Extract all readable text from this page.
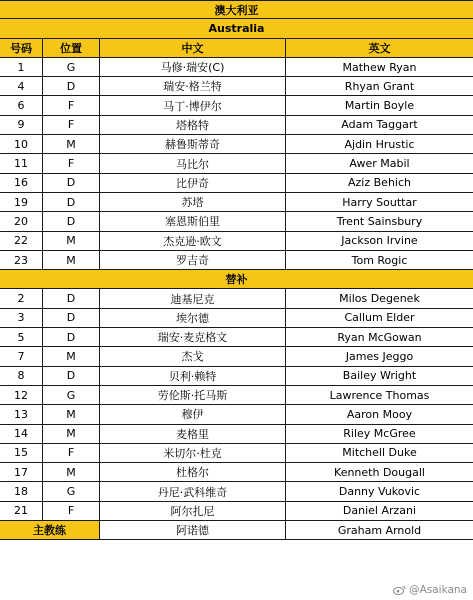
澳大利亚
Australia
号码	位置	中文	英文
1	G	马修·瑞安(C)	Mathew Ryan
4	D	瑞安·格兰特	Rhyan Grant
6	F	马丁·博伊尔	Martin Boyle
9	F	塔格特	Adam Taggart
10	M	赫鲁斯蒂奇	Ajdin Hrustic
11	F	马比尔	Awer Mabil
16	D	比伊奇	Aziz Behich
19	D	苏塔	Harry Souttar
20	D	塞恩斯伯里	Trent Sainsbury
22	M	杰克逊·欧文	Jackson Irvine
23	M	罗吉奇	Tom Rogic
替补
2	D	迪基尼克	Milos Degenek
3	D	埃尔德	Callum Elder
5	D	瑞安·麦克格文	Ryan McGowan
7	M	杰戈	James Jeggo
8	D	贝利·赖特	Bailey Wright
12	G	劳伦斯·托马斯	Lawrence Thomas
13	M	穆伊	Aaron Mooy
14	M	麦格里	Riley McGree
15	F	米切尔·杜克	Mitchell Duke
17	M	杜格尔	Kenneth Dougall
18	G	丹尼·武科维奇	Danny Vukovic
21	F	阿尔扎尼	Daniel Arzani
主教练	阿诺德	Graham Arnold
@Asaikana
